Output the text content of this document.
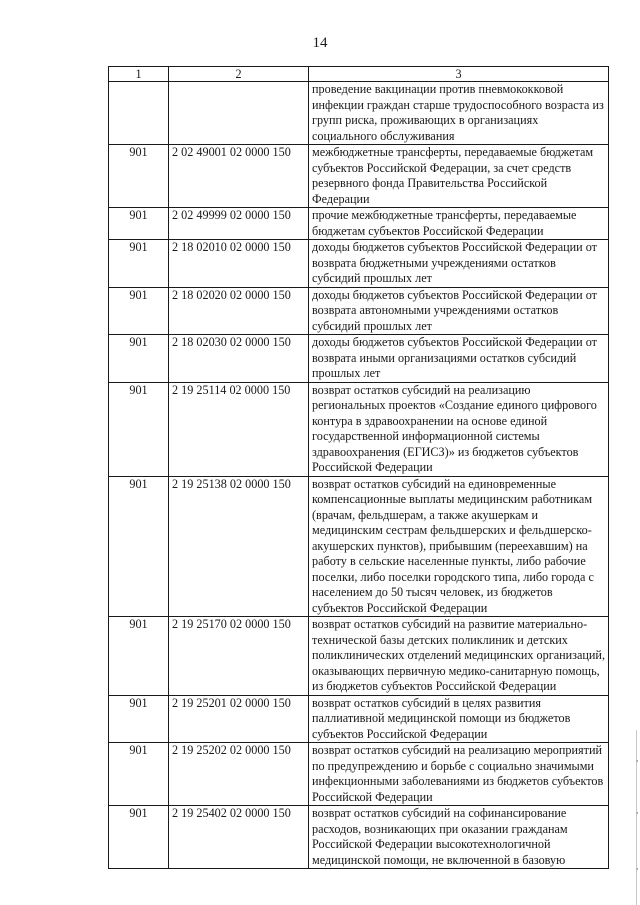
14
1	2	3
		проведение вакцинации против пневмококковой инфекции граждан старше трудоспособного возраста из групп риска, проживающих в организациях социального обслуживания
901	2 02 49001 02 0000 150	межбюджетные трансферты, передаваемые бюджетам субъектов Российской Федерации, за счет средств резервного фонда Правительства Российской Федерации
901	2 02 49999 02 0000 150	прочие межбюджетные трансферты, передаваемые бюджетам субъектов Российской Федерации
901	2 18 02010 02 0000 150	доходы бюджетов субъектов Российской Федерации от возврата бюджетными учреждениями остатков субсидий прошлых лет
901	2 18 02020 02 0000 150	доходы бюджетов субъектов Российской Федерации от возврата автономными учреждениями остатков субсидий прошлых лет
901	2 18 02030 02 0000 150	доходы бюджетов субъектов Российской Федерации от возврата иными организациями остатков субсидий прошлых лет
901	2 19 25114 02 0000 150	возврат остатков субсидий на реализацию региональных проектов «Создание единого цифрового контура в здравоохранении на основе единой государственной информационной системы здравоохранения (ЕГИСЗ)» из бюджетов субъектов Российской Федерации
901	2 19 25138 02 0000 150	возврат остатков субсидий на единовременные компенсационные выплаты медицинским работникам (врачам, фельдшерам, а также акушеркам и медицинским сестрам фельдшерских и фельдшерско-акушерских пунктов), прибывшим (переехавшим) на работу в сельские населенные пункты, либо рабочие поселки, либо поселки городского типа, либо города с населением до 50 тысяч человек, из бюджетов субъектов Российской Федерации
901	2 19 25170 02 0000 150	возврат остатков субсидий на развитие материально-технической базы детских поликлиник и детских поликлинических отделений медицинских организаций, оказывающих первичную медико-санитарную помощь, из бюджетов субъектов Российской Федерации
901	2 19 25201 02 0000 150	возврат остатков субсидий в целях развития паллиативной медицинской помощи из бюджетов субъектов Российской Федерации
901	2 19 25202 02 0000 150	возврат остатков субсидий на реализацию мероприятий по предупреждению и борьбе с социально значимыми инфекционными заболеваниями из бюджетов субъектов Российской Федерации
901	2 19 25402 02 0000 150	возврат остатков субсидий на софинансирование расходов, возникающих при оказании гражданам Российской Федерации высокотехнологичной медицинской помощи, не включенной в базовую
